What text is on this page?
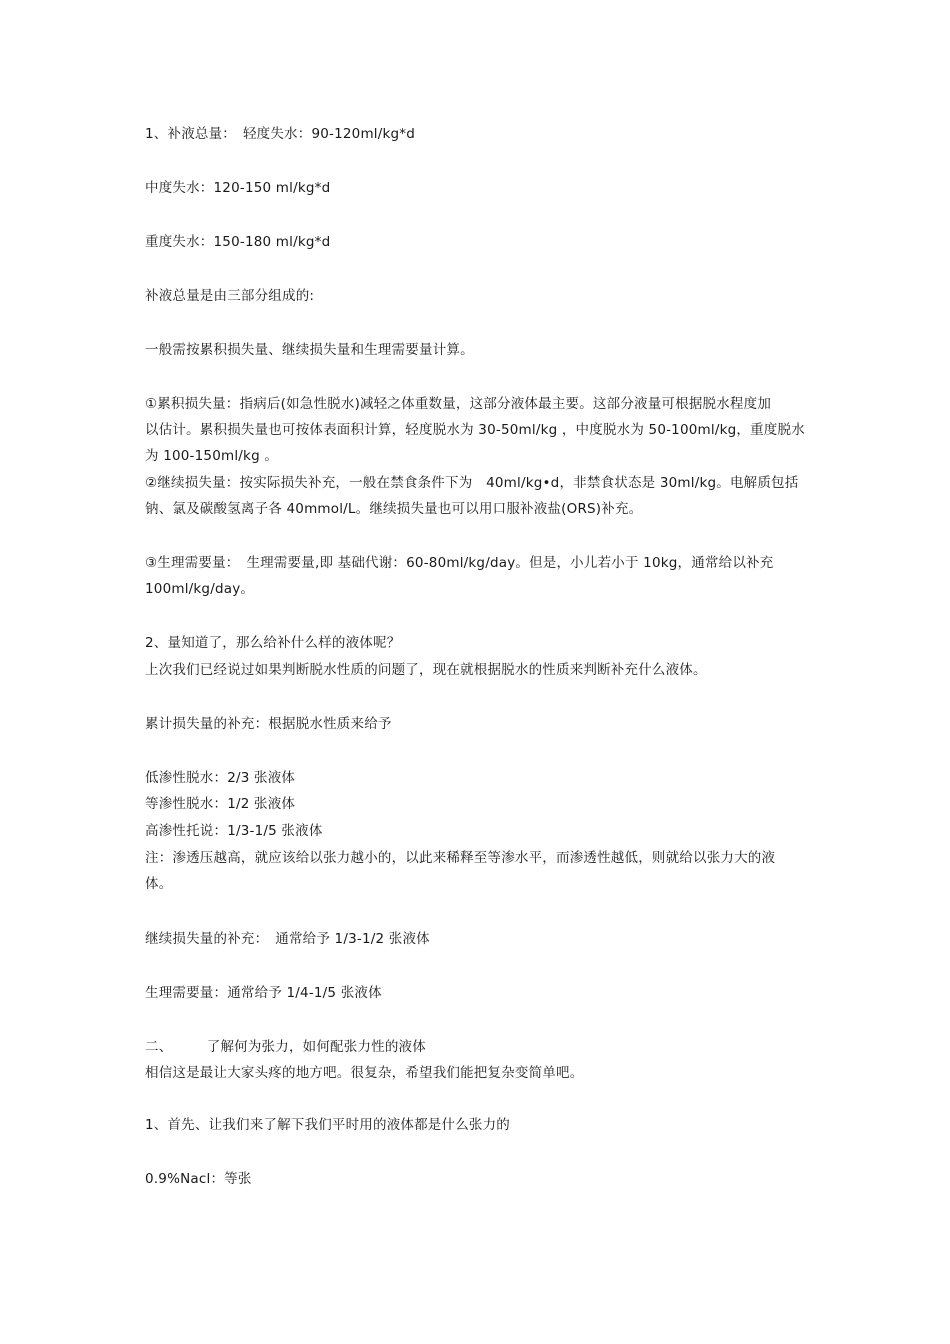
1、补液总量：　轻度失水：90-120ml/kg*d
中度失水：120-150 ml/kg*d
重度失水：150-180 ml/kg*d
补液总量是由三部分组成的:
一般需按累积损失量、继续损失量和生理需要量计算。
①累积损失量：指病后(如急性脱水)减轻之体重数量，这部分液体最主要。这部分液量可根据脱水程度加
以估计。累积损失量也可按体表面积计算，轻度脱水为 30-50ml/kg ，中度脱水为 50-100ml/kg，重度脱水
为 100-150ml/kg 。
②继续损失量：按实际损失补充，一般在禁食条件下为　40ml/kg•d，非禁食状态是 30ml/kg。电解质包括
钠、氯及碳酸氢离子各 40mmol/L。继续损失量也可以用口服补液盐(ORS)补充。
③生理需要量：　生理需要量,即 基础代谢：60-80ml/kg/day。但是，小儿若小于 10kg，通常给以补充
100ml/kg/day。
2、量知道了，那么给补什么样的液体呢？
上次我们已经说过如果判断脱水性质的问题了，现在就根据脱水的性质来判断补充什么液体。
累计损失量的补充：根据脱水性质来给予
低渗性脱水：2/3 张液体
等渗性脱水：1/2 张液体
高渗性托说：1/3-1/5 张液体
注：渗透压越高，就应该给以张力越小的，以此来稀释至等渗水平，而渗透性越低，则就给以张力大的液
体。
继续损失量的补充：　通常给予 1/3-1/2 张液体
生理需要量：通常给予 1/4-1/5 张液体
二、　　　了解何为张力，如何配张力性的液体
相信这是最让大家头疼的地方吧。很复杂，希望我们能把复杂变简单吧。
1、首先、让我们来了解下我们平时用的液体都是什么张力的
0.9%Nacl：等张
